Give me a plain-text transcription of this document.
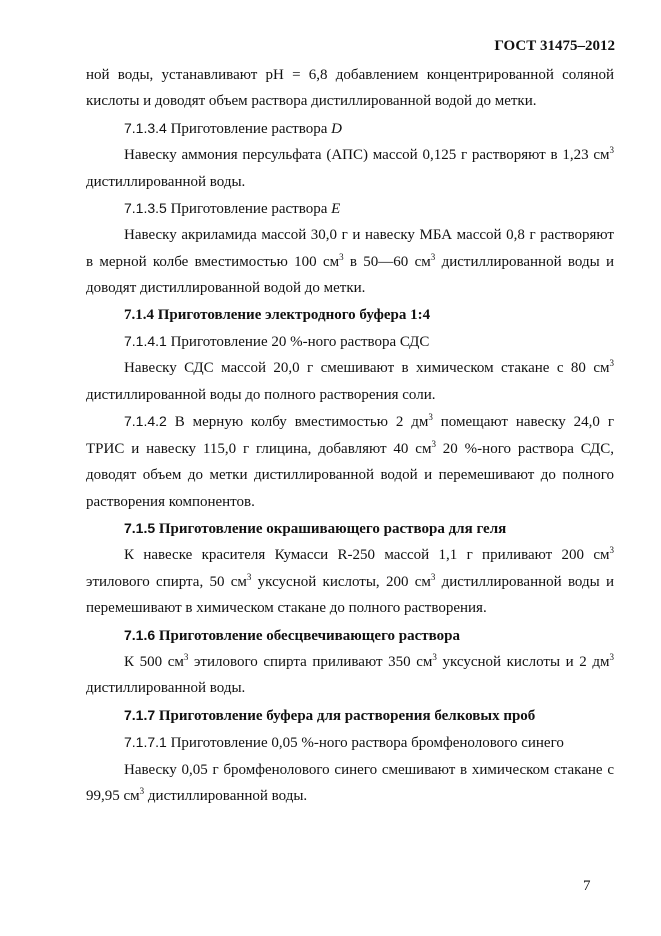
ГОСТ 31475–2012

ной воды, устанавливают рН = 6,8 добавлением концентрированной соляной кислоты и доводят объем раствора дистиллированной водой до метки.

7.1.3.4 Приготовление раствора D

Навеску аммония персульфата (АПС) массой 0,125 г растворяют в 1,23 $см^3$ дистиллированной воды.

7.1.3.5 Приготовление раствора E

Навеску акриламида массой 30,0 г и навеску МБА массой 0,8 г растворяют в мерной колбе вместимостью 100 $см^3$ в 50—60 $см^3$ дистиллированной воды и доводят дистиллированной водой до метки.

7.1.4 Приготовление электродного буфера 1:4

7.1.4.1 Приготовление 20 %-ного раствора СДС

Навеску СДС массой 20,0 г смешивают в химическом стакане с 80 $см^3$ дистиллированной воды до полного растворения соли.

7.1.4.2 В мерную колбу вместимостью 2 $дм^3$ помещают навеску 24,0 г ТРИС и навеску 115,0 г глицина, добавляют 40 $см^3$ 20 %-ного раствора СДС, доводят объем до метки дистиллированной водой и перемешивают до полного растворения компонентов.

7.1.5 Приготовление окрашивающего раствора для геля

К навеске красителя Кумасси R-250 массой 1,1 г приливают 200 $см^3$ этилового спирта, 50 $см^3$ уксусной кислоты, 200 $см^3$ дистиллированной воды и перемешивают в химическом стакане до полного растворения.

7.1.6 Приготовление обесцвечивающего раствора

К 500 $см^3$ этилового спирта приливают 350 $см^3$ уксусной кислоты и 2 $дм^3$ дистиллированной воды.

7.1.7 Приготовление буфера для растворения белковых проб

7.1.7.1 Приготовление 0,05 %-ного раствора бромфенолового синего

Навеску 0,05 г бромфенолового синего смешивают в химическом стакане с 99,95 $см^3$ дистиллированной воды.

7
